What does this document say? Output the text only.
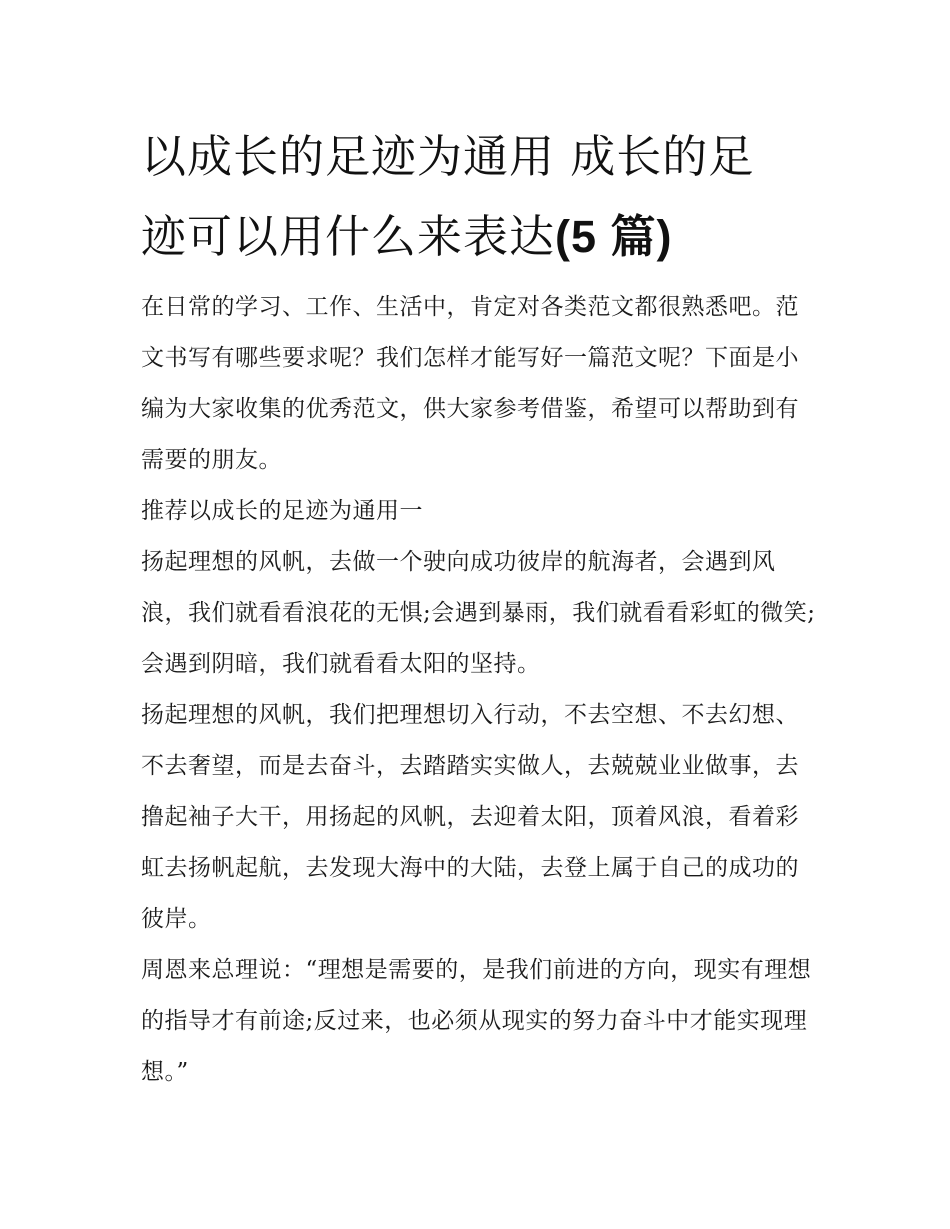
以成长的足迹为通用 成长的足
迹可以用什么来表达(5 篇)

在日常的学习、工作、生活中，肯定对各类范文都很熟悉吧。范文书写有哪些要求呢？我们怎样才能写好一篇范文呢？下面是小编为大家收集的优秀范文，供大家参考借鉴，希望可以帮助到有需要的朋友。

推荐以成长的足迹为通用一

扬起理想的风帆，去做一个驶向成功彼岸的航海者，会遇到风浪，我们就看看浪花的无惧;会遇到暴雨，我们就看看彩虹的微笑;会遇到阴暗，我们就看看太阳的坚持。

扬起理想的风帆，我们把理想切入行动，不去空想、不去幻想、不去奢望，而是去奋斗，去踏踏实实做人，去兢兢业业做事，去撸起袖子大干，用扬起的风帆，去迎着太阳，顶着风浪，看着彩虹去扬帆起航，去发现大海中的大陆，去登上属于自己的成功的彼岸。

周恩来总理说：“理想是需要的，是我们前进的方向，现实有理想的指导才有前途;反过来，也必须从现实的努力奋斗中才能实现理想。”
